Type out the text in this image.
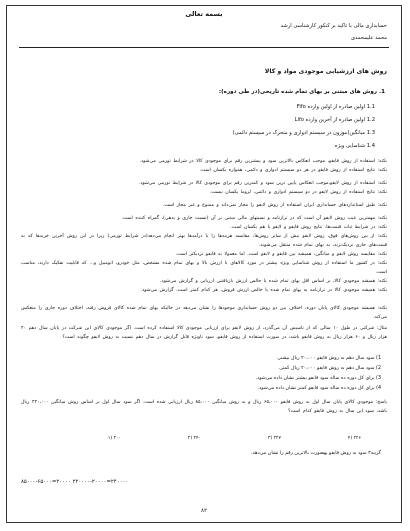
بسمه تعالی
حسابداری مالی با تاکید بر کنکور کارشناسی ارشد
محمد علیمحمدی
روش های ارزشیابی موجودی مواد و کالا
1. روش های مبتنی بر بهای تمام شده تاریخی(در طی دوره):
1.1 اولین صادره از اولین وارده Fifo
1.2 اولین صادره از آخرین وارده Lifo
1.3 میانگین(موزون در سیستم ادواری و متحرک در سیستم دائمی)
1.4 شناسایی ویژه
نکته: استفاده از روش فایفو، موجب انعکاس بالاترین سود و بیشترین رقم برای موجودی کالا در شرایط تورمی می‌شود.
نکته: نتایج استفاده از روش فایفو در هر دو سیستم ادواری و دائمی، همواره یکسان است.
نکته: استفاده از روش لایفو،موجب انعکاس پایین ترین سود و کمترین رقم برای موجودی کالا در شرایط تورمی می‌شود.
نکته: نتایج استفاده از روش لایفو در دو سیستم ادواری و دائمی، لزوما یکسان نیست.
نکته: طبق استانداردهای حسابداری ایران استفاده از روش لایفو را مجاز نمی‌داند و ممنوع و غیر مجاز است.
نکته: مهمترین عیب روش لایفو آن است که در ترازنامه و نسبتهای مالی مبتنی بر آن (نسبت جاری و بدهی)، گمراه کننده است.
نکته: در شرایط ثبات قیمت‌ها، نتایج روش فایفو و لایفو با هم یکسان است.
نکته: از بین روش‌های فوق، روش لایفو بیش از سایر روش‌ها، مقایسه هزینه‌ها را با درآمدها بهتر انجام می‌دهد(در شرایط تورمی) زیرا در این روش آخرین خریدها که به قیمت‌های جاری نزدیک‌ترند، به بهای تمام شده منتقل می‌شوند.
نکته: مقایسه روش لایفو و میانگین، همیشه بین فایفو و لایفو است. اما معمولا به فایفو نزدیکتر است.
نکته: در کشور ما استفاده از روش شناسایی ویژه بیشتر در مورد کالاهای با ارزش بالا و بهای تمام شده مشخص، مثل خودرو، اتومبیل و... که قابلیت تفکیک دارند، مناسب است.
نکته: همیشه موجودی کالا، بر اساس اقل بهای تمام شده یا خالص ارزش بازیافتنی ارزیابی و گزارش می‌شود.
نکته: همیشه موجودی کالا در ترازنامه به بهای تمام شده یا خالص ارزش فروش، هر کدام کمتر است، گزارش می‌شود.
نکته: همیشه موجودی کالای پایان دوره، اختلاف بین دو روش حسابداری موجودها را نشان می‌دهد در حالیکه بهای تمام شده کالای فروش رفته، اختلاف دوره جاری را منعکس می‌کند.
مثال: شرکتی در طول ۱۰ سالی که از تاسیس آن می‌گذرد، از روش لایفو برای ارزیابی موجودی کالا استفاده کرده است. اگر موجودی کالای این شرکت در پایان سال دهم ۴۰ هزار ریال و ۶۰ هزار ریال به روش فایفو باشد، در صورت استفاده از روش فایفو، سود ناویژه قابل گزارش در سال دهم نسبت به روش لایفو چگونه است؟
1) سود سال دهم به روش فایفو ۲۰،۰۰۰ ریال بیشتر.
2) سود سال دهم به روش فایفو ۲۰،۰۰۰ ریال کمتر.
3) برای کل دوره ده ساله سود فایفو بیشتر نشان داده می‌شود.
4) برای کل دوره ده ساله سود فایفو کمتر نشان داده می‌شود.
پاسخ: موجودی کالای پایان سال اول به روش فایفو ۶۵،۰۰۰ ریال و به روش میانگین ۸۵،۰۰۰ ریال ارزیابی شده است. اگر سود سال اول بر اساس روش میانگین ۲۲۰،۰۰۰ ریال باشد، سود این سال به روش فایفو کدام است؟
۲۲۶ (۴
۲۲۷ (۳
۲۴۰ (۲
۲۰۰ (۱
گزینه۳ سود به روش فایفو بهصورت بالاترین رقم را نشان می‌دهد.
۸۵۰۰۰-۶۵۰۰۰=۲۰۰۰۰ ۲۲۰۰۰۰-۲۰۰۰۰=۲۴۰۰۰۰
۸۲
